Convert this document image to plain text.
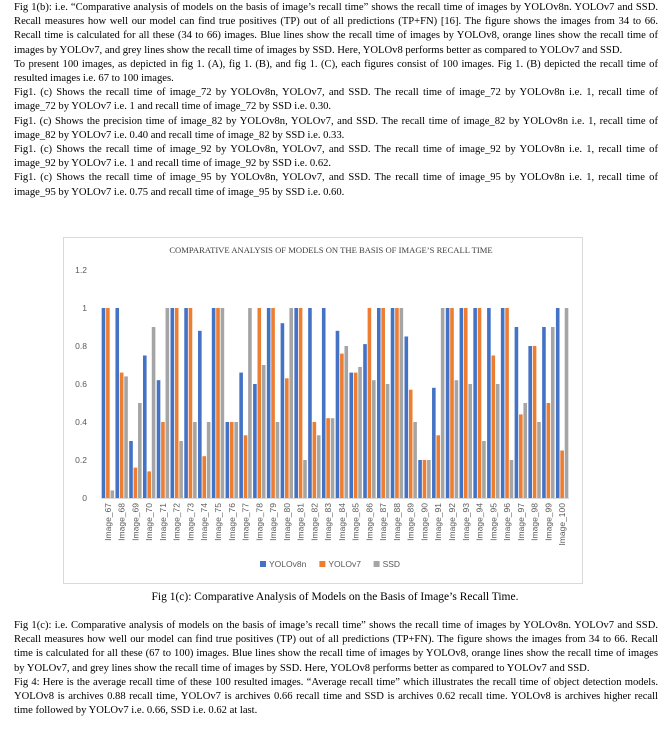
Fig 1(b): i.e. “Comparative analysis of models on the basis of image’s recall time” shows the recall time of images by YOLOv8n. YOLOv7 and SSD. Recall measures how well our model can find true positives (TP) out of all predictions (TP+FN) [16]. The figure shows the images from 34 to 66. Recall time is calculated for all these (34 to 66) images. Blue lines show the recall time of images by YOLOv8, orange lines show the recall time of images by YOLOv7, and grey lines show the recall time of images by SSD. Here, YOLOv8 performs better as compared to YOLOv7 and SSD.

To present 100 images, as depicted in fig 1. (A), fig 1. (B), and fig 1. (C), each figures consist of 100 images. Fig 1. (B) depicted the recall time of resulted images i.e. 67 to 100 images.

Fig1. (c) Shows the recall time of image_72 by YOLOv8n, YOLOv7, and SSD. The recall time of image_72 by YOLOv8n i.e. 1, recall time of image_72 by YOLOv7 i.e. 1 and recall time of image_72 by SSD i.e. 0.30.

Fig1. (c) Shows the precision time of image_82 by YOLOv8n, YOLOv7, and SSD. The recall time of image_82 by YOLOv8n i.e. 1, recall time of image_82 by YOLOv7 i.e. 0.40 and recall time of image_82 by SSD i.e. 0.33.

Fig1. (c) Shows the recall time of image_92 by YOLOv8n, YOLOv7, and SSD. The recall time of image_92 by YOLOv8n i.e. 1, recall time of image_92 by YOLOv7 i.e. 1 and recall time of image_92 by SSD i.e. 0.62.

Fig1. (c) Shows the recall time of image_95 by YOLOv8n, YOLOv7, and SSD. The recall time of image_95 by YOLOv8n i.e. 1, recall time of image_95 by YOLOv7 i.e. 0.75 and recall time of image_95 by SSD i.e. 0.60.

COMPARATIVE ANALYSIS OF MODELS ON THE BASIS OF IMAGE’S RECALL TIME
0
0.2
0.4
0.6
0.8
1
1.2
Image_67 Image_68 Image_69 Image_70 Image_71 Image_72 Image_73 Image_74 Image_75 Image_76 Image_77 Image_78 Image_79 Image_80 Image_81 Image_82 Image_83 Image_84 Image_85 Image_86 Image_87 Image_88 Image_89 Image_90 Image_91 Image_92 Image_93 Image_94 Image_95 Image_96 Image_97 Image_98 Image_99 Image_100
YOLOv8n	YOLOv7	SSD

Fig 1(c): Comparative Analysis of Models on the Basis of Image’s Recall Time.

Fig 1(c): i.e. Comparative analysis of models on the basis of image’s recall time” shows the recall time of images by YOLOv8n. YOLOv7 and SSD. Recall measures how well our model can find true positives (TP) out of all predictions (TP+FN). The figure shows the images from 34 to 66. Recall time is calculated for all these (67 to 100) images. Blue lines show the recall time of images by YOLOv8, orange lines show the recall time of images by YOLOv7, and grey lines show the recall time of images by SSD. Here, YOLOv8 performs better as compared to YOLOv7 and SSD.

Fig 4: Here is the average recall time of these 100 resulted images. “Average recall time” which illustrates the recall time of object detection models. YOLOv8 is archives 0.88 recall time, YOLOv7 is archives 0.66 recall time and SSD is archives 0.62 recall time. YOLOv8 is archives higher recall time followed by YOLOv7 i.e. 0.66, SSD i.e. 0.62 at last.
